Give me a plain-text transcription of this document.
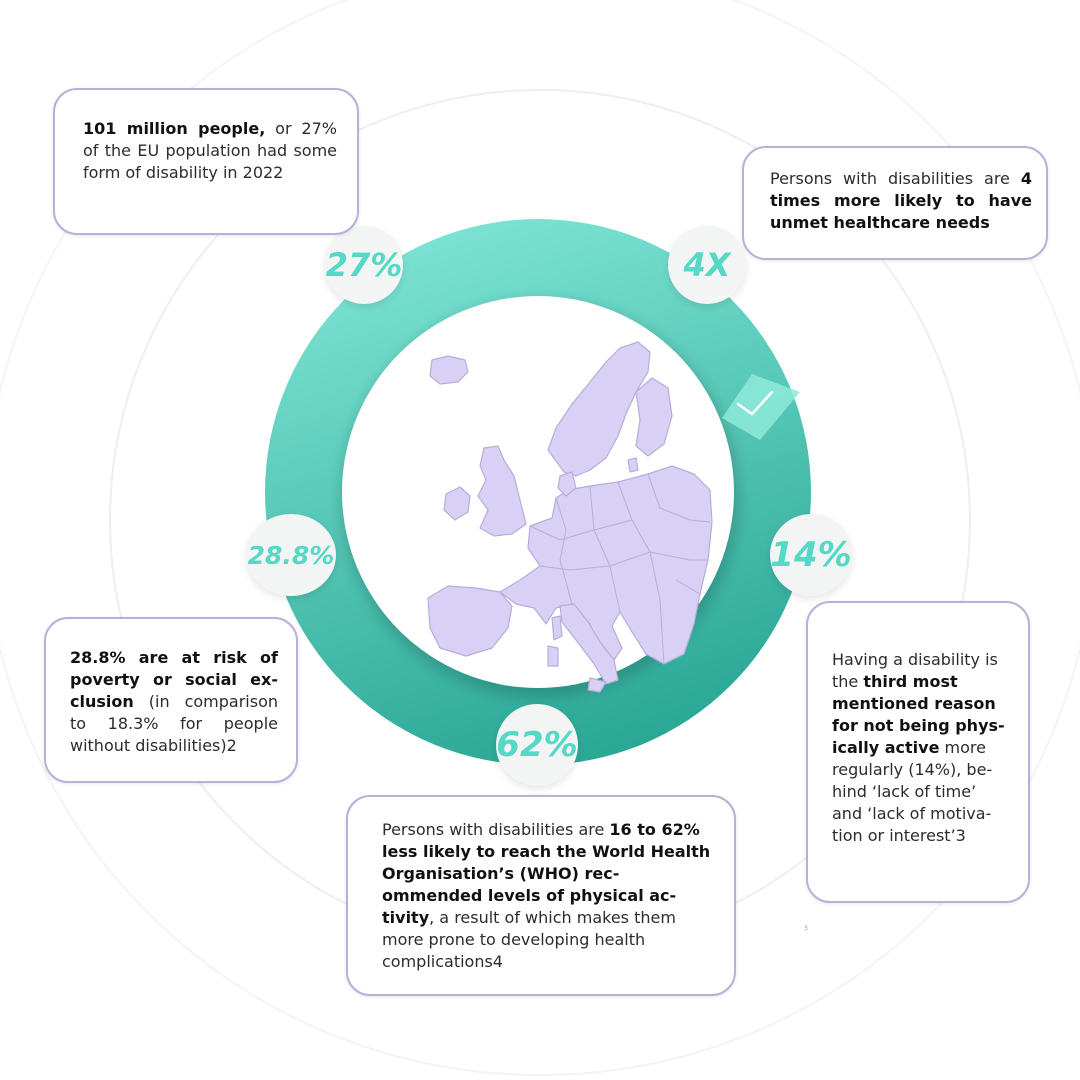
27%	4X
28.8%	14%
62%

101 million people, or 27% of the EU population had some form of disability in 2022	Persons with disabilities are 4 times more likely to have unmet healthcare needs

28.8% are at risk of poverty or social ex-clusion (in comparison to 18.3% for people without disabilities)2

Persons with disabilities are 16 to 62% less likely to reach the World Health Organisation’s (WHO) rec-ommended levels of physical ac-tivity, a result of which makes them more prone to developing health complications4

Having a disability is the third most mentioned reason for not being phys-ically active more regularly (14%), be-hind ‘lack of time’ and ‘lack of motiva-tion or interest’3

3
